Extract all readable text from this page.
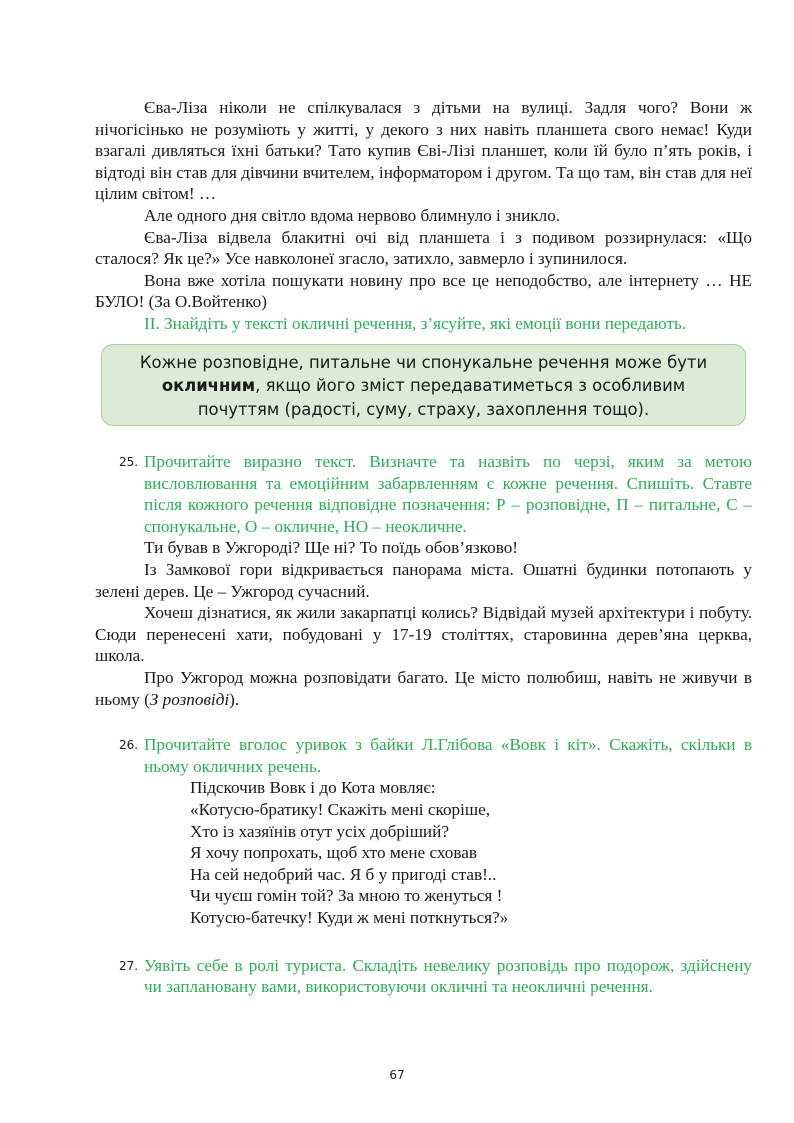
Єва-Ліза ніколи не спілкувалася з дітьми на вулиці. Задля чого? Вони ж нічогісінько не розуміють у житті, у декого з них навіть планшета свого немає! Куди взагалі дивляться їхні батьки? Тато купив Єві-Лізі планшет, коли їй було п’ять років, і відтоді він став для дівчини вчителем, інформатором і другом. Та що там, він став для неї цілим світом! …

Але одного дня світло вдома нервово блимнуло і зникло.

Єва-Ліза відвела блакитні очі від планшета і з подивом роззирнулася: «Що сталося? Як це?» Усе навколонеї згасло, затихло, завмерло і зупинилося.

Вона вже хотіла пошукати новину про все це неподобство, але інтернету … НЕ БУЛО! (За О.Войтенко)

ІІ. Знайдіть у тексті окличні речення, з’ясуйте, які емоції вони передають.

Кожне розповідне, питальне чи спонукальне речення може бути окличним, якщо його зміст передаватиметься з особливим почуттям (радості, суму, страху, захоплення тощо).
25. Прочитайте виразно текст. Визначте та назвіть по черзі, яким за метою висловлювання та емоційним забарвленням є кожне речення. Спишіть. Ставте після кожного речення відповідне позначення: Р – розповідне, П – питальне, С – спонукальне, О – окличне, НО – неокличне.

Ти бував в Ужгороді? Ще ні? То поїдь обов’язково!

Із Замкової гори відкривається панорама міста. Ошатні будинки потопають у зелені дерев. Це – Ужгород сучасний.

Хочеш дізнатися, як жили закарпатці колись? Відвідай музей архітектури і побуту. Сюди перенесені хати, побудовані у 17-19 століттях, старовинна дерев’яна церква, школа.

Про Ужгород можна розповідати багато. Це місто полюбиш, навіть не живучи в ньому (З розповіді).

26. Прочитайте вголос уривок з байки Л.Глібова «Вовк і кіт». Скажіть, скільки в ньому окличних речень.

Підскочив Вовк і до Кота мовляє:
«Котусю-братику! Скажіть мені скоріше,
Хто із хазяїнів отут усіх добріший?
Я хочу попрохать, щоб хто мене сховав
На сей недобрий час. Я б у пригоді став!..
Чи чуєш гомін той? За мною то женуться !
Котусю-батечку! Куди ж мені поткнуться?»
27. Уявіть себе в ролі туриста. Складіть невелику розповідь про подорож, здійснену чи заплановану вами, використовуючи окличні та неокличні речення.

67
